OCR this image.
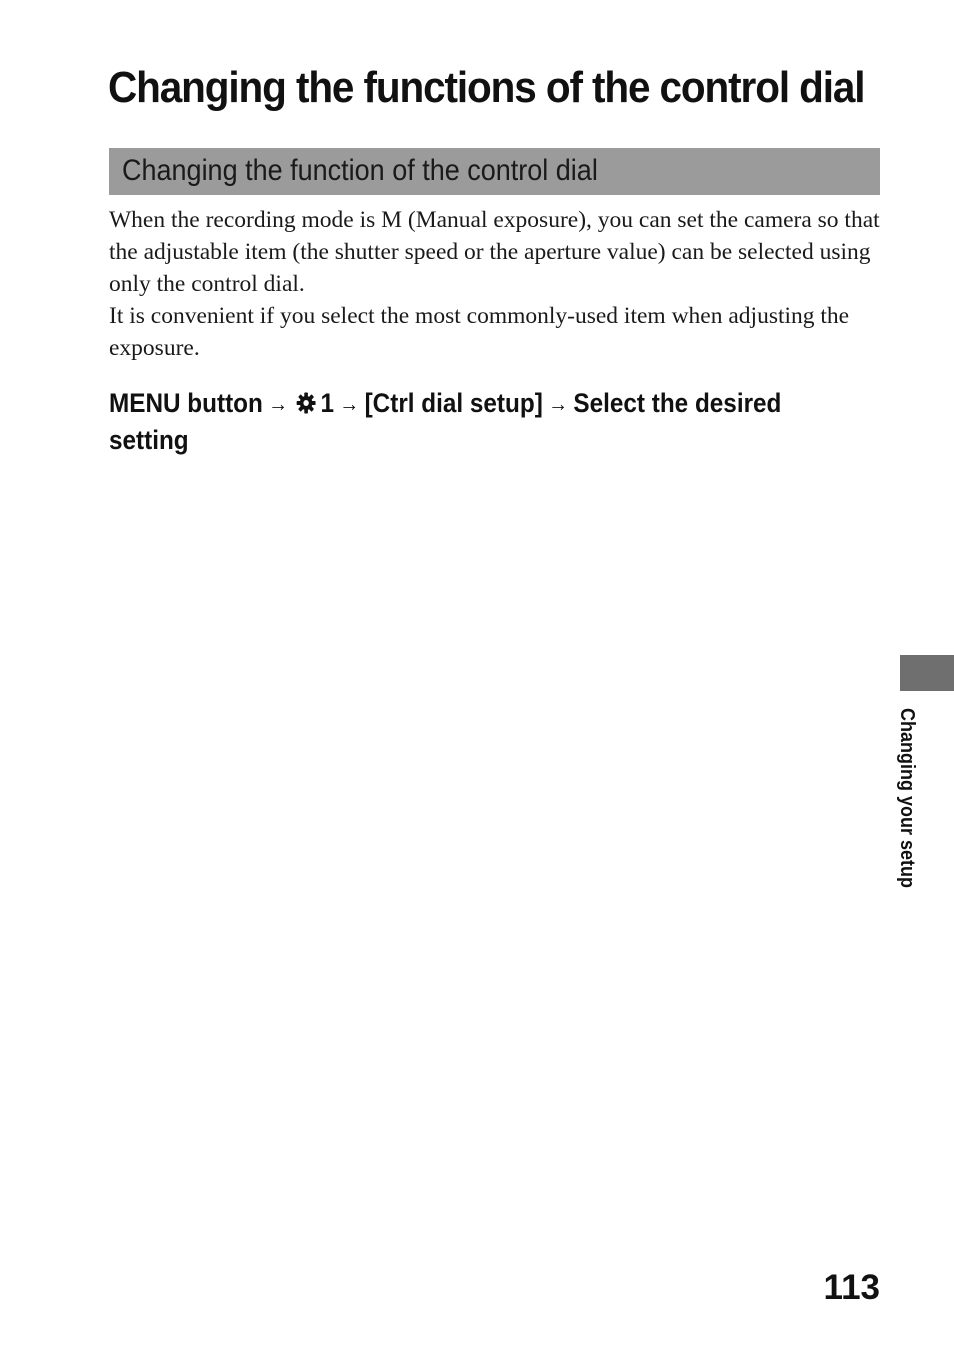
Changing the functions of the control dial
Changing the function of the control dial

When the recording mode is M (Manual exposure), you can set the camera so that the adjustable item (the shutter speed or the aperture value) can be selected using only the control dial.

It is convenient if you select the most commonly-used item when adjusting the exposure.

MENU button → 1 → [Ctrl dial setup] → Select the desired setting

Changing your setup
113
